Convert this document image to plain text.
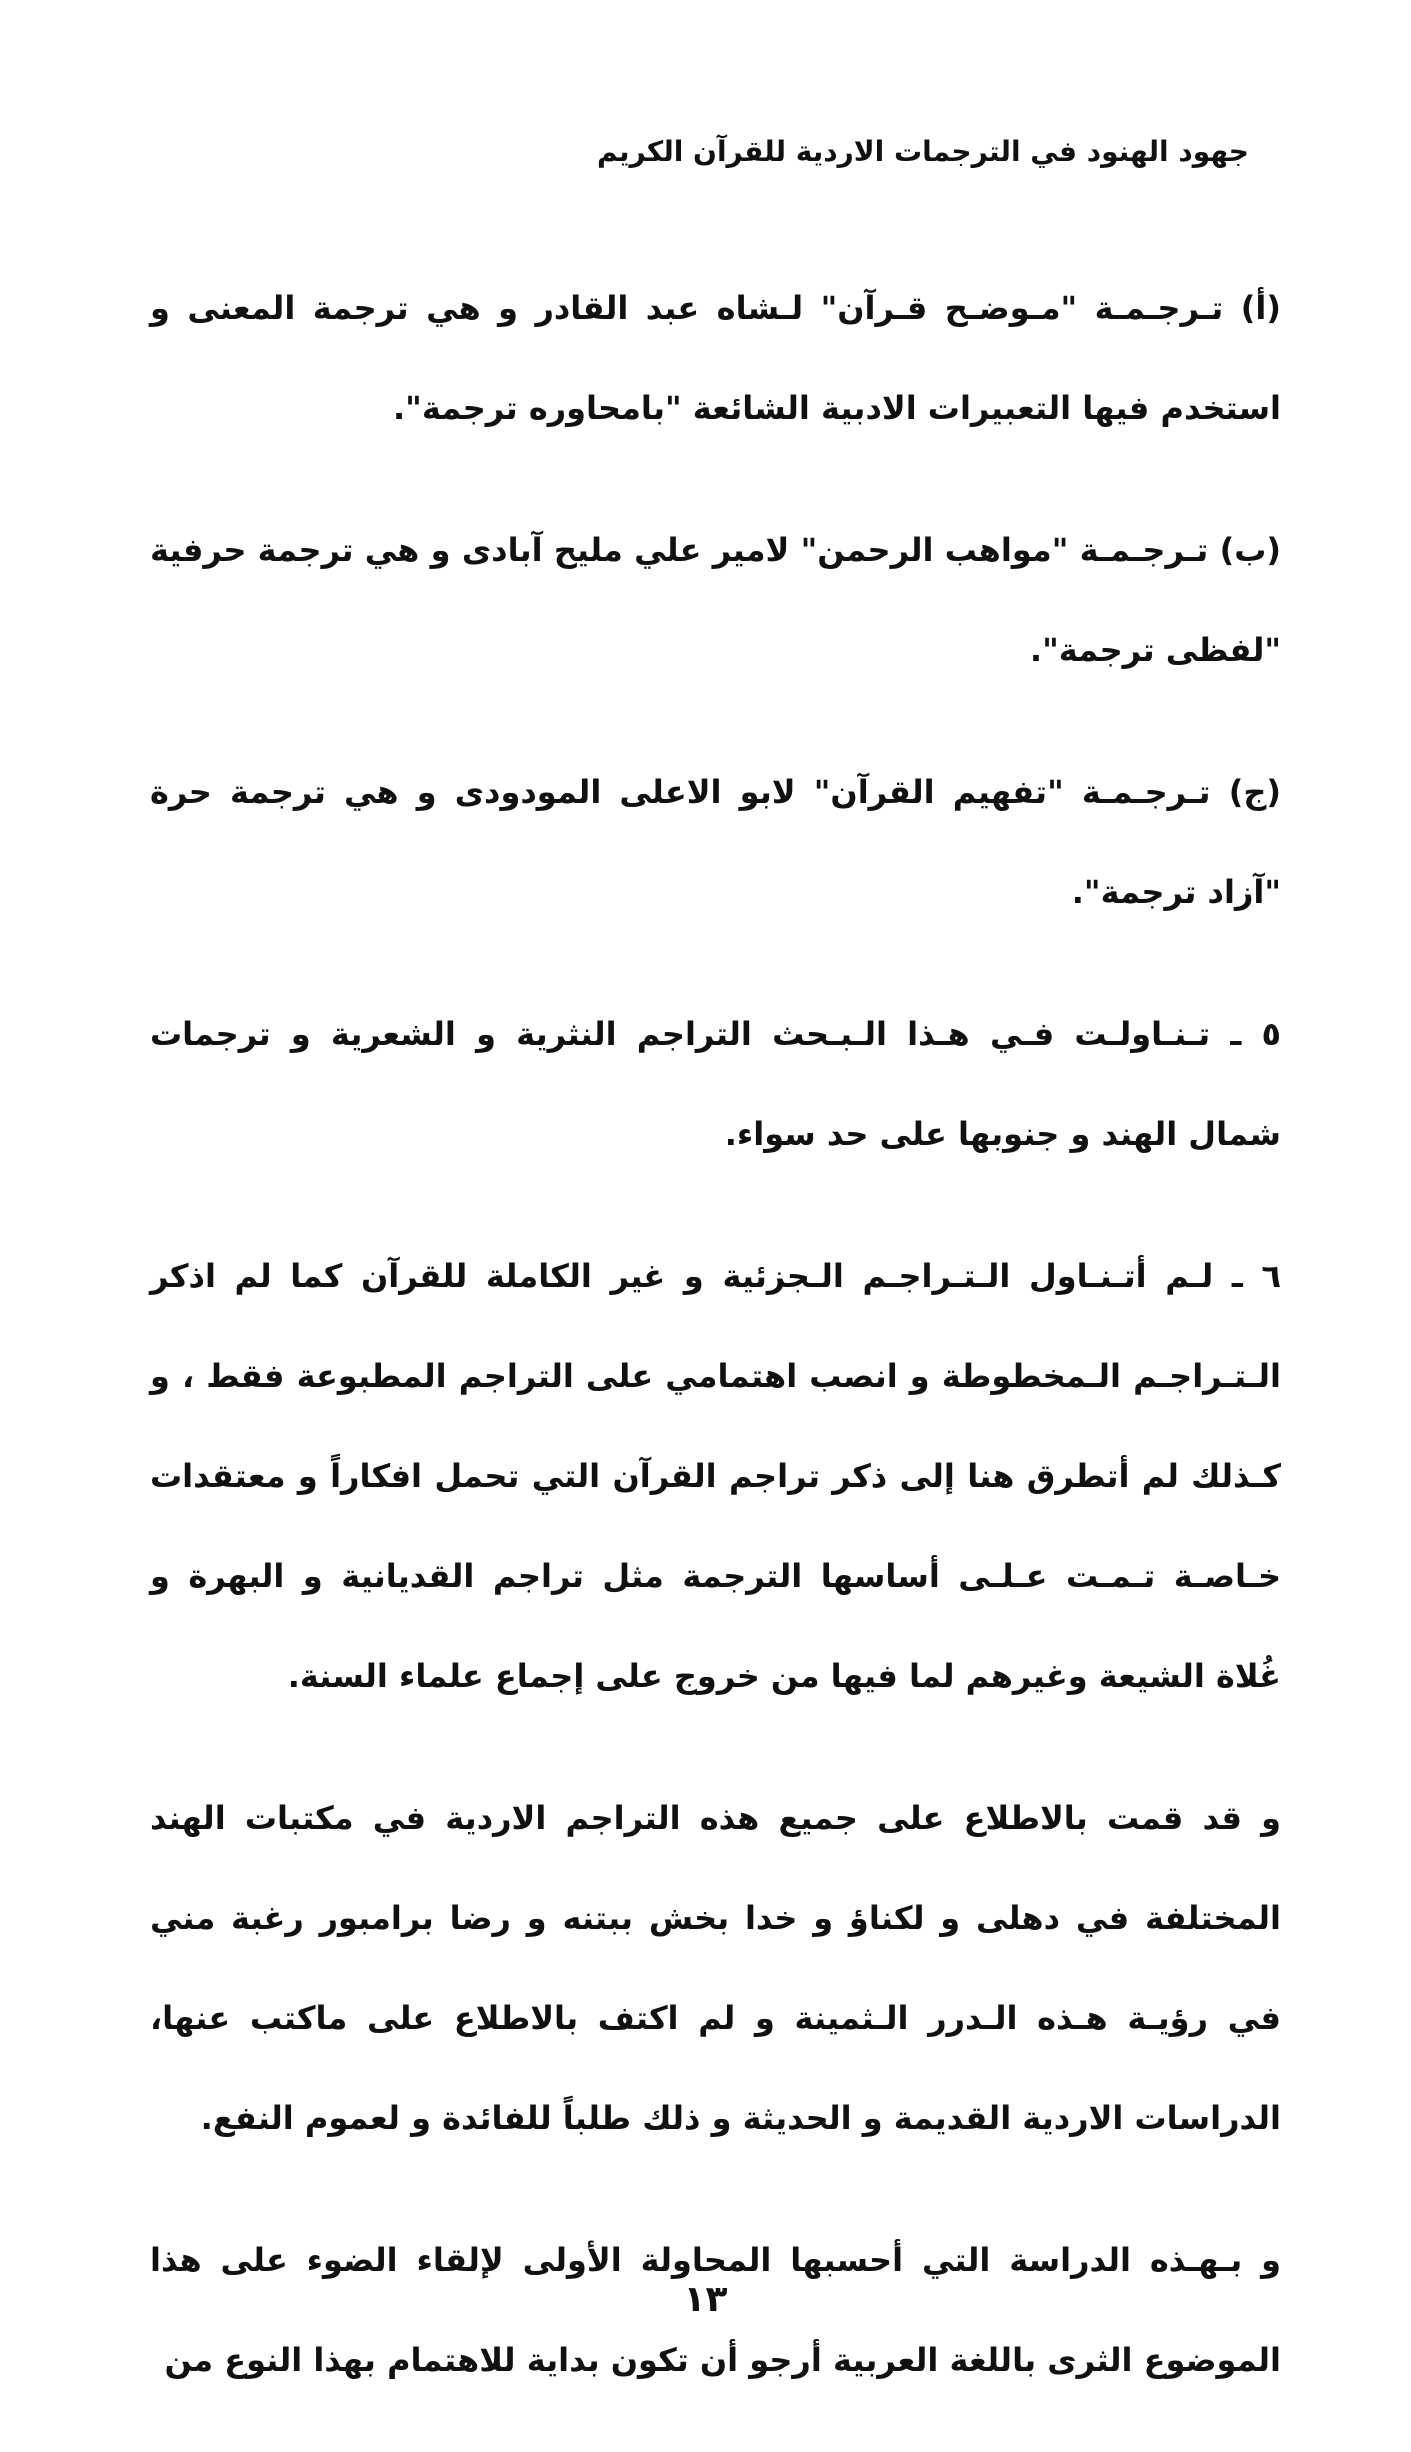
جهود الهنود في الترجمات الاردية للقرآن الكريم

(أ) تـرجـمـة "مـوضـح قـرآن" لـشاه عبد القادر و هي ترجمة المعنى و استخدم فيها التعبيرات الادبية الشائعة "بامحاوره ترجمة".

(ب) تـرجـمـة "مواهب الرحمن" لامير علي مليح آبادى و هي ترجمة حرفية "لفظى ترجمة".

(ج) تـرجـمـة "تفهيم القرآن" لابو الاعلى المودودى و هي ترجمة حرة "آزاد ترجمة".

٥ ـ تـنـاولـت فـي هـذا الـبـحث التراجم النثرية و الشعرية و ترجمات شمال الهند و جنوبها على حد سواء.

٦ ـ لـم أتـنـاول الـتـراجـم الـجزئية و غير الكاملة للقرآن كما لم اذكر الـتـراجـم الـمخطوطة و انصب اهتمامي على التراجم المطبوعة فقط ، و كـذلك لم أتطرق هنا إلى ذكر تراجم القرآن التي تحمل افكاراً و معتقدات خـاصـة تـمـت عـلـى أساسها الترجمة مثل تراجم القديانية و البهرة و غُلاة الشيعة وغيرهم لما فيها من خروج على إجماع علماء السنة.

و قد قمت بالاطلاع على جميع هذه التراجم الاردية في مكتبات الهند المختلفة في دهلى و لكناؤ و خدا بخش ببتنه و رضا برامبور رغبة مني في رؤيـة هـذه الـدرر الـثمينة و لم اكتف بالاطلاع على ماكتب عنها، الدراسات الاردية القديمة و الحديثة و ذلك طلباً للفائدة و لعموم النفع.

و بـهـذه الدراسة التي أحسبها المحاولة الأولى لإلقاء الضوء على هذا الموضوع الثرى باللغة العربية أرجو أن تكون بداية للاهتمام بهذا النوع من

١٣
